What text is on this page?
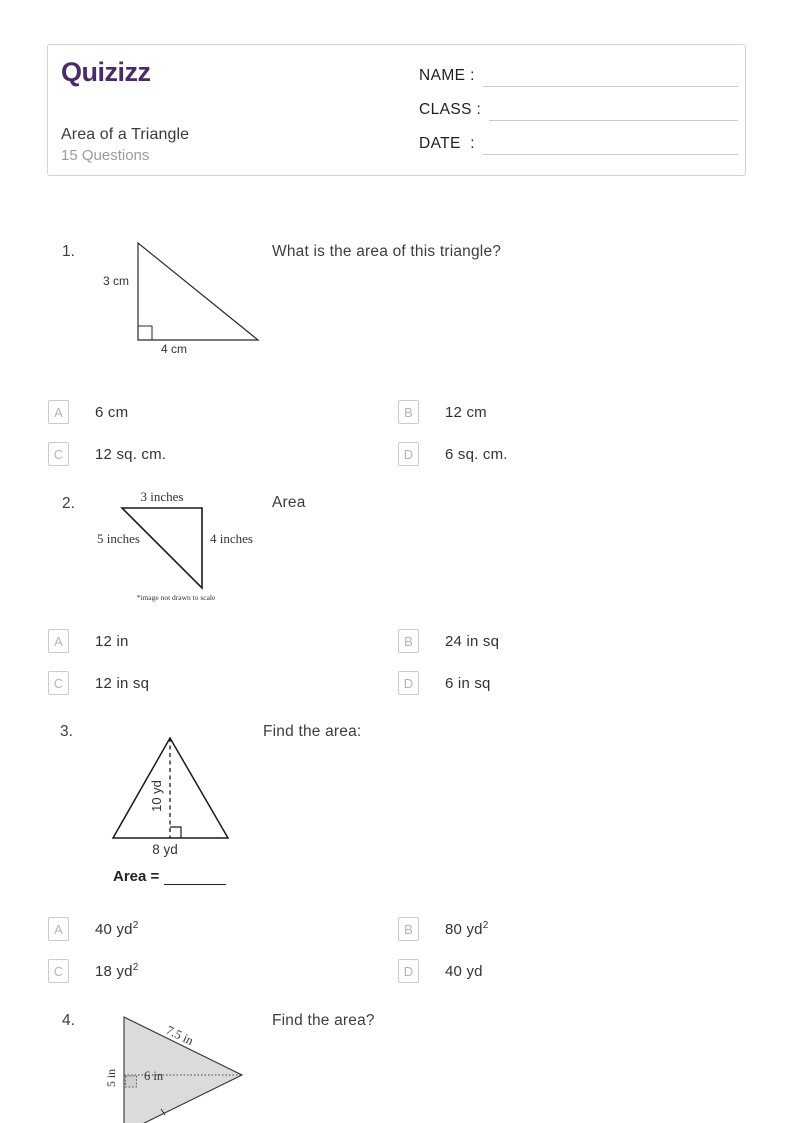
Quizizz
Area of a Triangle
15 Questions
NAME :
CLASS :
DATE  :
1.	What is the area of this triangle?
3 cm
4 cm
A	6 cm	B	12 cm
C	12 sq. cm.	D	6 sq. cm.
2.	Area
3 inches
5 inches	4 inches
*image not drawn to scale
A	12 in	B	24 in sq
C	12 in sq	D	6 in sq
3.	Find the area:
10 yd
8 yd
Area =
A	40 $yd^2$	B	80 $yd^2$
C	18 $yd^2$	D	40 yd
4.	Find the area?
7.5 in
5 in 6 in
